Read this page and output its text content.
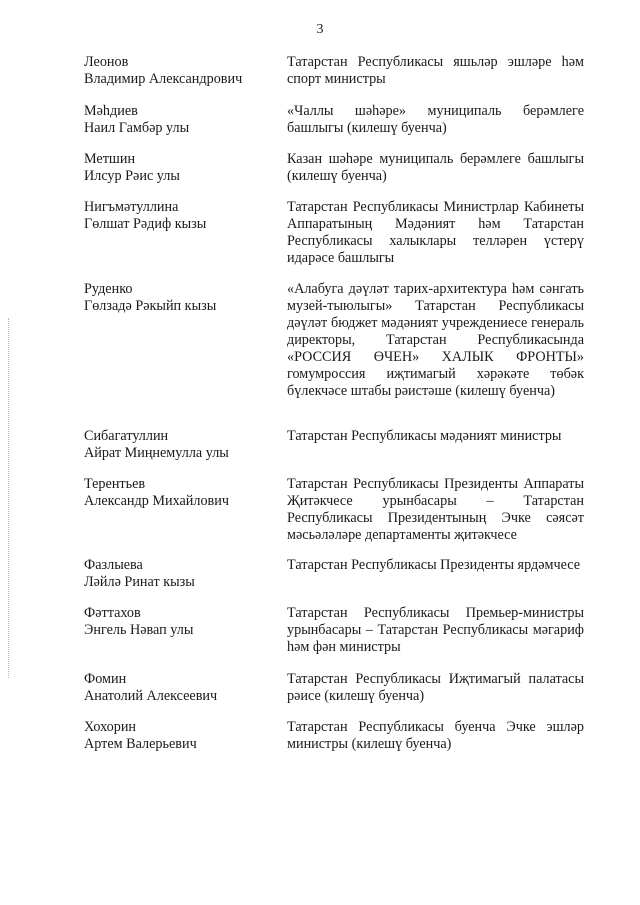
3
Леонов
Владимир Александрович
Татарстан Республикасы яшьләр эшләре һәм спорт министры
Мәһдиев
Наил Гамбәр улы
«Чаллы шәһәре» муниципаль берәмлеге башлыгы (килешү буенча)
Метшин
Илсур Рәис улы
Казан шәһәре муниципаль берәмлеге башлыгы (килешү буенча)
Нигъмәтуллина
Гөлшат Рәдиф кызы
Татарстан Республикасы Министрлар Кабинеты Аппаратының Мәдәният һәм Татарстан Республикасы халыклары телләрен үстерү идарәсе башлыгы
Руденко
Гөлзадә Рәкыйп кызы
«Алабуга дәүләт тарих-архитектура һәм сәнгать музей-тыюлыгы» Татарстан Республикасы дәүләт бюджет мәдәният учреждениесе генераль директоры, Татарстан Республикасында «РОССИЯ ӨЧЕН» ХАЛЫК ФРОНТЫ» гомумроссия иҗтимагый хәрәкәте төбәк бүлекчәсе штабы рәистәше (килешү буенча)
Сибагатуллин
Айрат Миңнемулла улы
Татарстан Республикасы мәдәният министры
Терентьев
Александр Михайлович
Татарстан Республикасы Президенты Аппараты Җитәкчесе урынбасары – Татарстан Республикасы Президентының Эчке сәясәт мәсьәләләре департаменты җитәкчесе
Фазлыева
Ләйлә Ринат кызы
Татарстан Республикасы Президенты ярдәмчесе
Фәттахов
Энгель Нәвап улы
Татарстан Республикасы Премьер-министры урынбасары – Татарстан Республикасы мәгариф һәм фән министры
Фомин
Анатолий Алексеевич
Татарстан Республикасы Иҗтимагый палатасы рәисе (килешү буенча)
Хохорин
Артем Валерьевич
Татарстан Республикасы буенча Эчке эшләр министры (килешү буенча)
